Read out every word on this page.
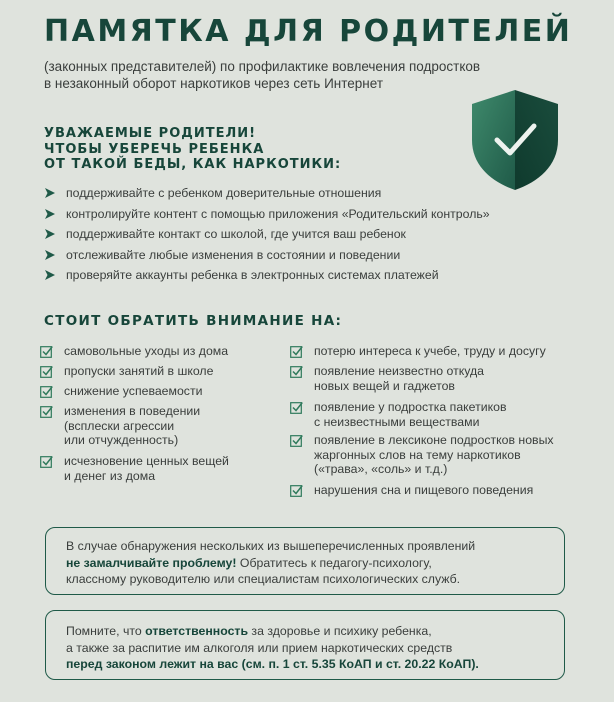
ПАМЯТКА ДЛЯ РОДИТЕЛЕЙ
(законных представителей) по профилактике вовлечения подростков
в незаконный оборот наркотиков через сеть Интернет
УВАЖАЕМЫЕ РОДИТЕЛИ!
ЧТОБЫ УБЕРЕЧЬ РЕБЕНКА
ОТ ТАКОЙ БЕДЫ, КАК НАРКОТИКИ:
поддерживайте с ребенком доверительные отношения
контролируйте контент с помощью приложения «Родительский контроль»
поддерживайте контакт со школой, где учится ваш ребенок
отслеживайте любые изменения в состоянии и поведении
проверяйте аккаунты ребенка в электронных системах платежей
СТОИТ ОБРАТИТЬ ВНИМАНИЕ НА:
самовольные уходы из дома
пропуски занятий в школе
снижение успеваемости
изменения в поведении
(всплески агрессии
или отчужденность)
исчезновение ценных вещей
и денег из дома
потерю интереса к учебе, труду и досугу
появление неизвестно откуда
новых вещей и гаджетов
появление у подростка пакетиков
с неизвестными веществами
появление в лексиконе подростков новых
жаргонных слов на тему наркотиков
(«трава», «соль» и т.д.)
нарушения сна и пищевого поведения
В случае обнаружения нескольких из вышеперечисленных проявлений
не замалчивайте проблему! Обратитесь к педагогу-психологу,
классному руководителю или специалистам психологических служб.
Помните, что ответственность за здоровье и психику ребенка,
а также за распитие им алкоголя или прием наркотических средств
перед законом лежит на вас (см. п. 1 ст. 5.35 КоАП и ст. 20.22 КоАП).
